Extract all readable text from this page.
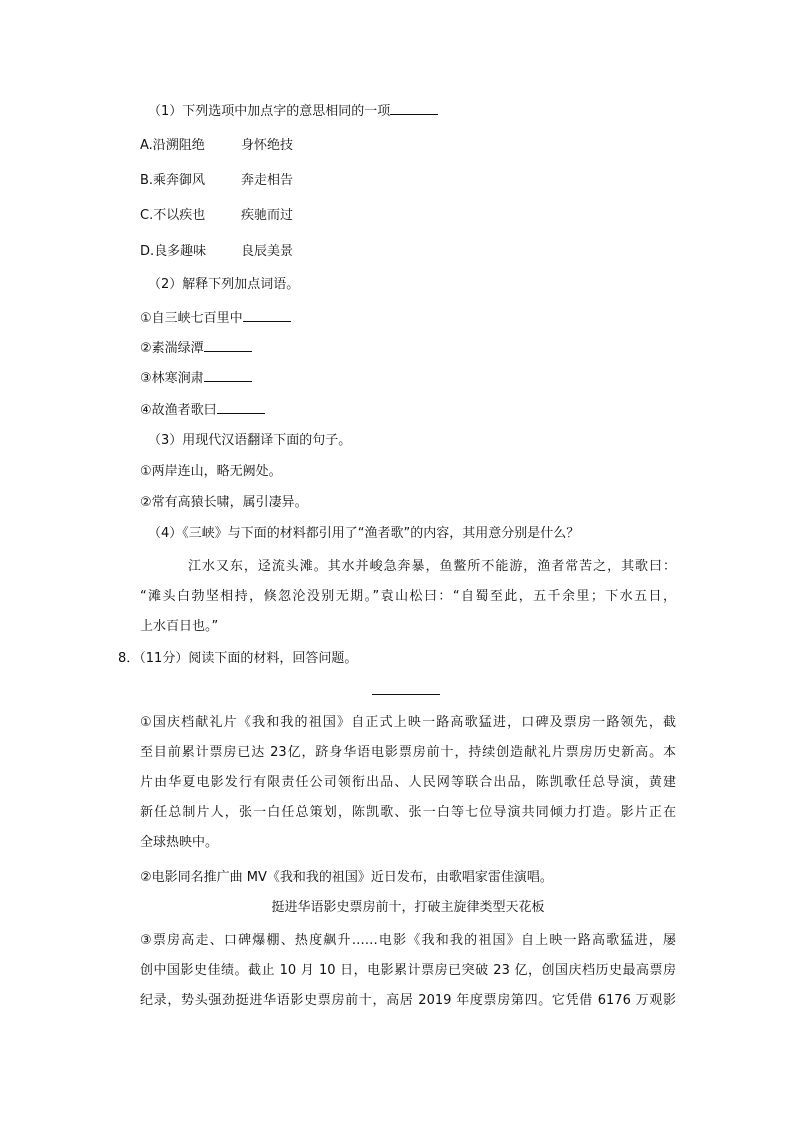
（1）下列选项中加点字的意思相同的一项
A.沿溯阻绝	身怀绝技
B.乘奔御风	奔走相告
C.不以疾也	疾驰而过
D.良多趣味	良辰美景
（2）解释下列加点词语。
①自三峡七百里中
②素湍绿潭
③林寒涧肃
④故渔者歌曰
（3）用现代汉语翻译下面的句子。
①两岸连山，略无阙处。
②常有高猿长啸，属引凄异。
（4）《三峡》与下面的材料都引用了“渔者歌”的内容，其用意分别是什么？
江水又东，迳流头滩。其水并峻急奔暴，鱼鳖所不能游，渔者常苦之，其歌曰：
“滩头白勃坚相持，倏忽沦没别无期。”袁山松曰：“自蜀至此，五千余里；下水五日，
上水百日也。”
8．（11分）阅读下面的材料，回答问题。
①国庆档献礼片《我和我的祖国》自正式上映一路高歌猛进，口碑及票房一路领先，截
至目前累计票房已达 23亿，跻身华语电影票房前十，持续创造献礼片票房历史新高。本
片由华夏电影发行有限责任公司领衔出品、人民网等联合出品，陈凯歌任总导演，黄建
新任总制片人，张一白任总策划，陈凯歌、张一白等七位导演共同倾力打造。影片正在
全球热映中。
②电影同名推广曲 MV《我和我的祖国》近日发布，由歌唱家雷佳演唱。
挺进华语影史票房前十，打破主旋律类型天花板
③票房高走、口碑爆棚、热度飙升……电影《我和我的祖国》自上映一路高歌猛进，屡
创中国影史佳绩。截止 10 月 10 日，电影累计票房已突破 23 亿，创国庆档历史最高票房
纪录，势头强劲挺进华语影史票房前十，高居 2019 年度票房第四。它凭借 6176 万观影
